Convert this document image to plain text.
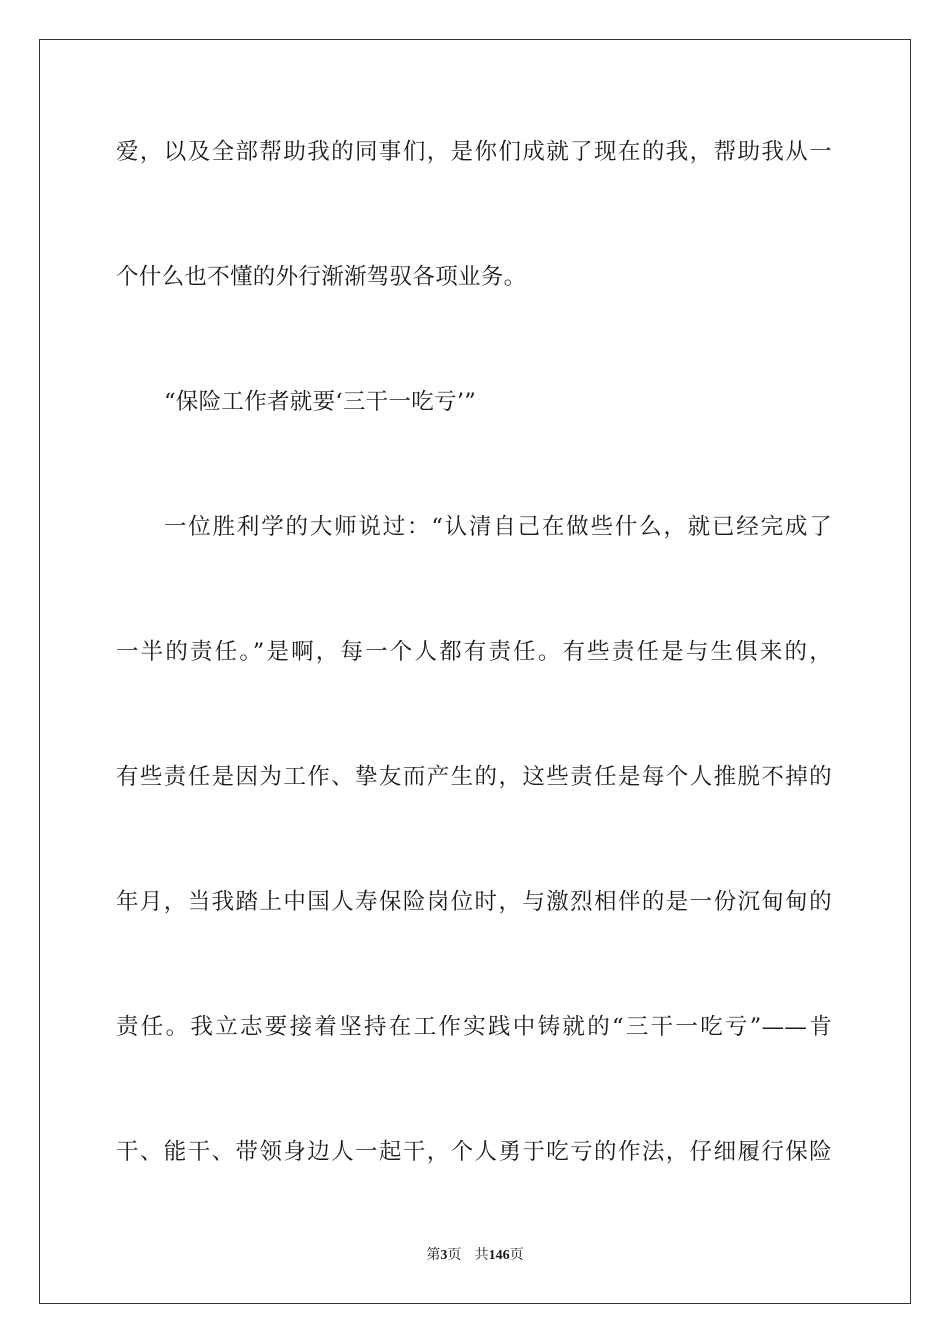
爱，以及全部帮助我的同事们，是你们成就了现在的我，帮助我从一
个什么也不懂的外行渐渐驾驭各项业务。
“保险工作者就要‘三干一吃亏’”
一位胜利学的大师说过：“认清自己在做些什么，就已经完成了
一半的责任。”是啊，每一个人都有责任。有些责任是与生俱来的，
有些责任是因为工作、挚友而产生的，这些责任是每个人推脱不掉的
年月，当我踏上中国人寿保险岗位时，与激烈相伴的是一份沉甸甸的
责任。我立志要接着坚持在工作实践中铸就的“三干一吃亏”——肯
干、能干、带领身边人一起干，个人勇于吃亏的作法，仔细履行保险
第3页 共146页
